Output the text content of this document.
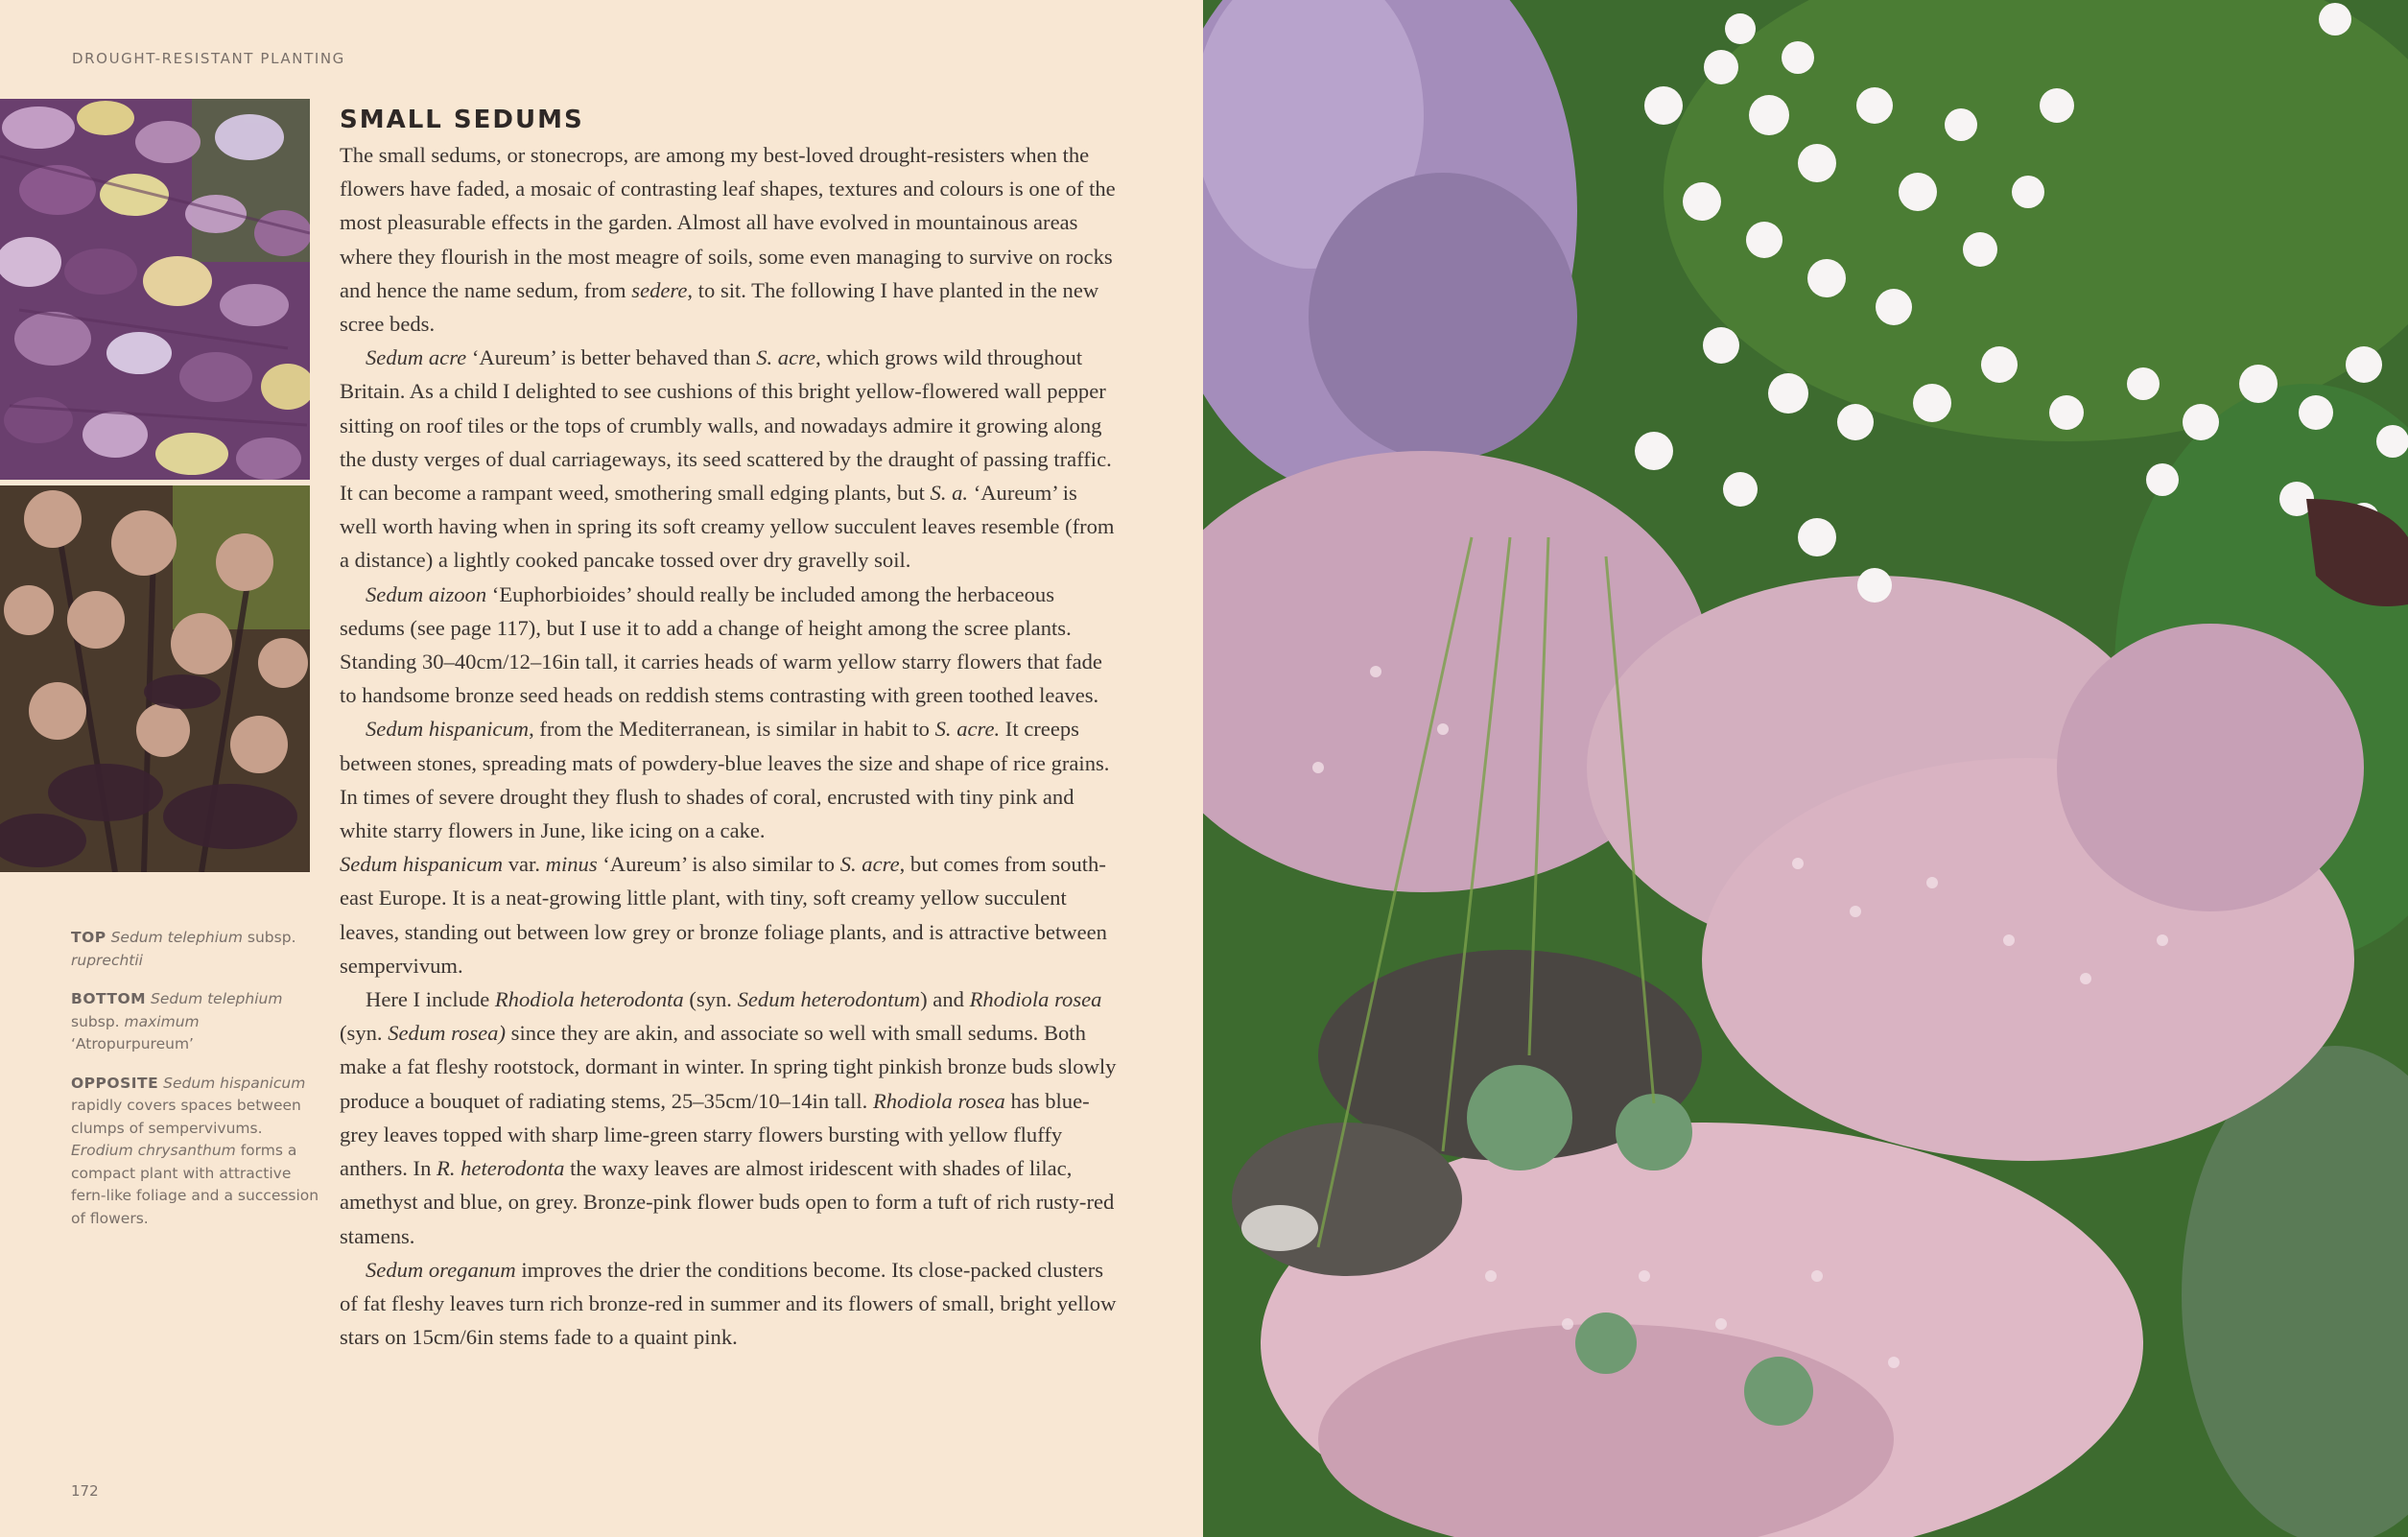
DROUGHT-RESISTANT PLANTING

TOP Sedum telephium subsp. ruprechtii

BOTTOM Sedum telephium subsp. maximum ‘Atropurpureum’

OPPOSITE Sedum hispanicum rapidly covers spaces between clumps of sempervivums. Erodium chrysanthum forms a compact plant with attractive fern-like foliage and a succession of flowers.

SMALL SEDUMS

The small sedums, or stonecrops, are among my best-loved drought-resisters when the flowers have faded, a mosaic of contrasting leaf shapes, textures and colours is one of the most pleasurable effects in the garden. Almost all have evolved in mountainous areas where they flourish in the most meagre of soils, some even managing to survive on rocks and hence the name sedum, from sedere, to sit. The following I have planted in the new scree beds.

Sedum acre ‘Aureum’ is better behaved than S. acre, which grows wild throughout Britain. As a child I delighted to see cushions of this bright yellow-flowered wall pepper sitting on roof tiles or the tops of crumbly walls, and nowadays admire it growing along the dusty verges of dual carriageways, its seed scattered by the draught of passing traffic. It can become a rampant weed, smothering small edging plants, but S. a. ‘Aureum’ is well worth having when in spring its soft creamy yellow succulent leaves resemble (from a distance) a lightly cooked pancake tossed over dry gravelly soil.

Sedum aizoon ‘Euphorbioides’ should really be included among the herbaceous sedums (see page 117), but I use it to add a change of height among the scree plants. Standing 30–40cm/12–16in tall, it carries heads of warm yellow starry flowers that fade to handsome bronze seed heads on reddish stems contrasting with green toothed leaves.

Sedum hispanicum, from the Mediterranean, is similar in habit to S. acre. It creeps between stones, spreading mats of powdery-blue leaves the size and shape of rice grains. In times of severe drought they flush to shades of coral, encrusted with tiny pink and white starry flowers in June, like icing on a cake.

Sedum hispanicum var. minus ‘Aureum’ is also similar to S. acre, but comes from south-east Europe. It is a neat-growing little plant, with tiny, soft creamy yellow succulent leaves, standing out between low grey or bronze foliage plants, and is attractive between sempervivum.

Here I include Rhodiola heterodonta (syn. Sedum heterodontum) and Rhodiola rosea (syn. Sedum rosea) since they are akin, and associate so well with small sedums. Both make a fat fleshy rootstock, dormant in winter. In spring tight pinkish bronze buds slowly produce a bouquet of radiating stems, 25–35cm/10–14in tall. Rhodiola rosea has blue-grey leaves topped with sharp lime-green starry flowers bursting with yellow fluffy anthers. In R. heterodonta the waxy leaves are almost iridescent with shades of lilac, amethyst and blue, on grey. Bronze-pink flower buds open to form a tuft of rich rusty-red stamens.

Sedum oreganum improves the drier the conditions become. Its close-packed clusters of fat fleshy leaves turn rich bronze-red in summer and its flowers of small, bright yellow stars on 15cm/6in stems fade to a quaint pink.

172
